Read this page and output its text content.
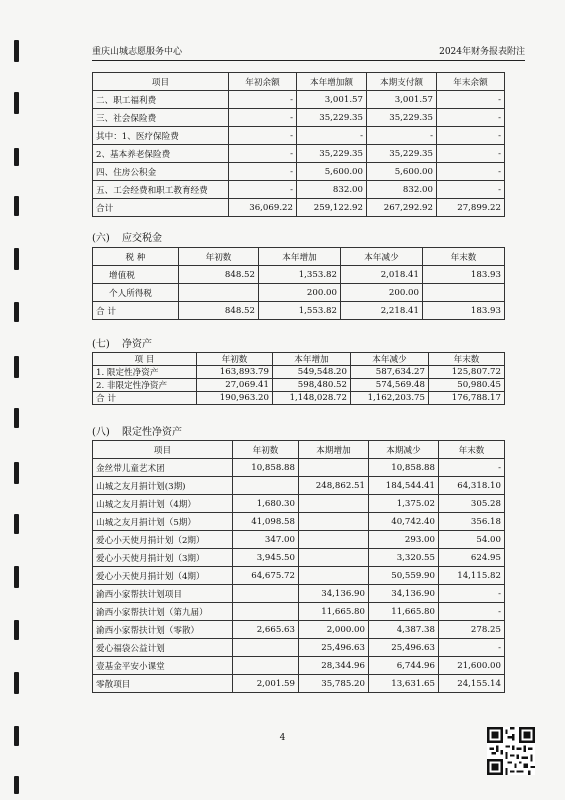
重庆山城志愿服务中心	2024年财务报表附注
项目	年初余额	本年增加额	本期支付额	年末余额
二、职工福利费	-	3,001.57	3,001.57	-
三、社会保险费	-	35,229.35	35,229.35	-
其中：1、医疗保险费	-	-	-	-
2、基本养老保险费	-	35,229.35	35,229.35	-
四、住房公积金	-	5,600.00	5,600.00	-
五、工会经费和职工教育经费	-	832.00	832.00	-
合计	36,069.22	259,122.92	267,292.92	27,899.22
(六) 应交税金
税 种	年初数	本年增加	本年减少	年末数
增值税	848.52	1,353.82	2,018.41	183.93
个人所得税		200.00	200.00	
合 计	848.52	1,553.82	2,218.41	183.93
(七) 净资产
项 目	年初数	本年增加	本年减少	年末数
1. 限定性净资产	163,893.79	549,548.20	587,634.27	125,807.72
2. 非限定性净资产	27,069.41	598,480.52	574,569.48	50,980.45
合 计	190,963.20	1,148,028.72	1,162,203.75	176,788.17
(八) 限定性净资产
项目	年初数	本期增加	本期减少	年末数
金丝带儿童艺术团	10,858.88		10,858.88	-
山城之友月捐计划(3期)		248,862.51	184,544.41	64,318.10
山城之友月捐计划（4期）	1,680.30		1,375.02	305.28
山城之友月捐计划（5期）	41,098.58		40,742.40	356.18
爱心小天使月捐计划（2期）	347.00		293.00	54.00
爱心小天使月捐计划（3期）	3,945.50		3,320.55	624.95
爱心小天使月捐计划（4期）	64,675.72		50,559.90	14,115.82
渝西小家帮扶计划项目		34,136.90	34,136.90	-
渝西小家帮扶计划（第九届）		11,665.80	11,665.80	-
渝西小家帮扶计划（零散）	2,665.63	2,000.00	4,387.38	278.25
爱心福袋公益计划		25,496.63	25,496.63	-
壹基金平安小课堂		28,344.96	6,744.96	21,600.00
零散项目	2,001.59	35,785.20	13,631.65	24,155.14
4
